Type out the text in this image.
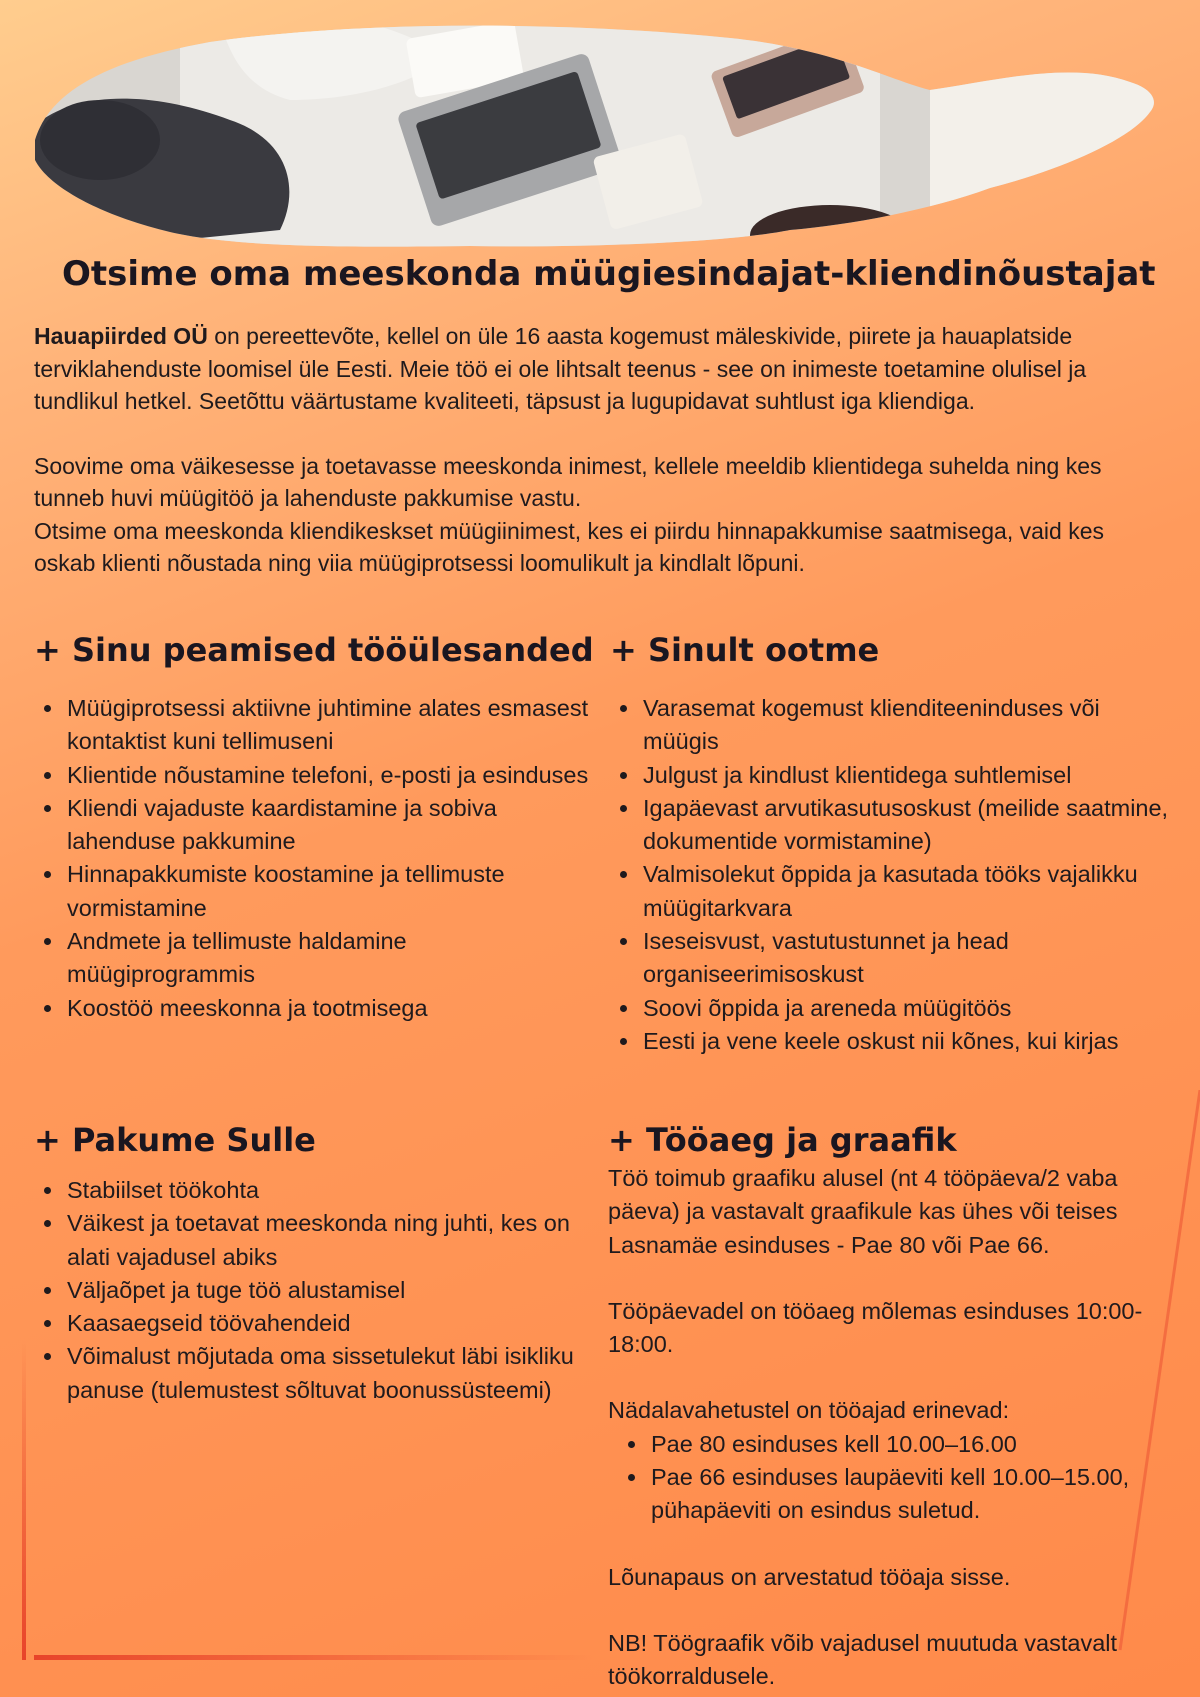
Otsime oma meeskonda müügiesindajat-kliendinõustajat

Hauapiirded OÜ on pereettevõte, kellel on üle 16 aasta kogemust mäleskivide, piirete ja hauaplatside terviklahenduste loomisel üle Eesti. Meie töö ei ole lihtsalt teenus - see on inimeste toetamine olulisel ja tundlikul hetkel. Seetõttu väärtustame kvaliteeti, täpsust ja lugupidavat suhtlust iga kliendiga.

Soovime oma väikesesse ja toetavasse meeskonda inimest, kellele meeldib klientidega suhelda ning kes tunneb huvi müügitöö ja lahenduste pakkumise vastu.

Otsime oma meeskonda kliendikeskset müügiinimest, kes ei piirdu hinnapakkumise saatmisega, vaid kes oskab klienti nõustada ning viia müügiprotsessi loomulikult ja kindlalt lõpuni.

+ Sinu peamised tööülesanded
• Müügiprotsessi aktiivne juhtimine alates esmasest kontaktist kuni tellimuseni
• Klientide nõustamine telefoni, e-posti ja esinduses
• Kliendi vajaduste kaardistamine ja sobiva lahenduse pakkumine
• Hinnapakkumiste koostamine ja tellimuste vormistamine
• Andmete ja tellimuste haldamine müügiprogrammis
• Koostöö meeskonna ja tootmisega
+ Sinult ootme
• Varasemat kogemust klienditeeninduses või müügis
• Julgust ja kindlust klientidega suhtlemisel
• Igapäevast arvutikasutusoskust (meilide saatmine, dokumentide vormistamine)
• Valmisolekut õppida ja kasutada tööks vajalikku müügitarkvara
• Iseseisvust, vastutustunnet ja head organiseerimisoskust
• Soovi õppida ja areneda müügitöös
• Eesti ja vene keele oskust nii kõnes, kui kirjas
+ Pakume Sulle
• Stabiilset töökohta
• Väikest ja toetavat meeskonda ning juhti, kes on alati vajadusel abiks
• Väljaõpet ja tuge töö alustamisel
• Kaasaegseid töövahendeid
• Võimalust mõjutada oma sissetulekut läbi isikliku panuse (tulemustest sõltuvat boonussüsteemi)
+ Tööaeg ja graafik

Töö toimub graafiku alusel (nt 4 tööpäeva/2 vaba päeva) ja vastavalt graafikule kas ühes või teises Lasnamäe esinduses - Pae 80 või Pae 66.

Tööpäevadel on tööaeg mõlemas esinduses 10:00-18:00.

Nädalavahetustel on tööajad erinevad:

• Pae 80 esinduses kell 10.00–16.00
• Pae 66 esinduses laupäeviti kell 10.00–15.00, pühapäeviti on esindus suletud.

Lõunapaus on arvestatud tööaja sisse.

NB! Töögraafik võib vajadusel muutuda vastavalt töökorraldusele.
